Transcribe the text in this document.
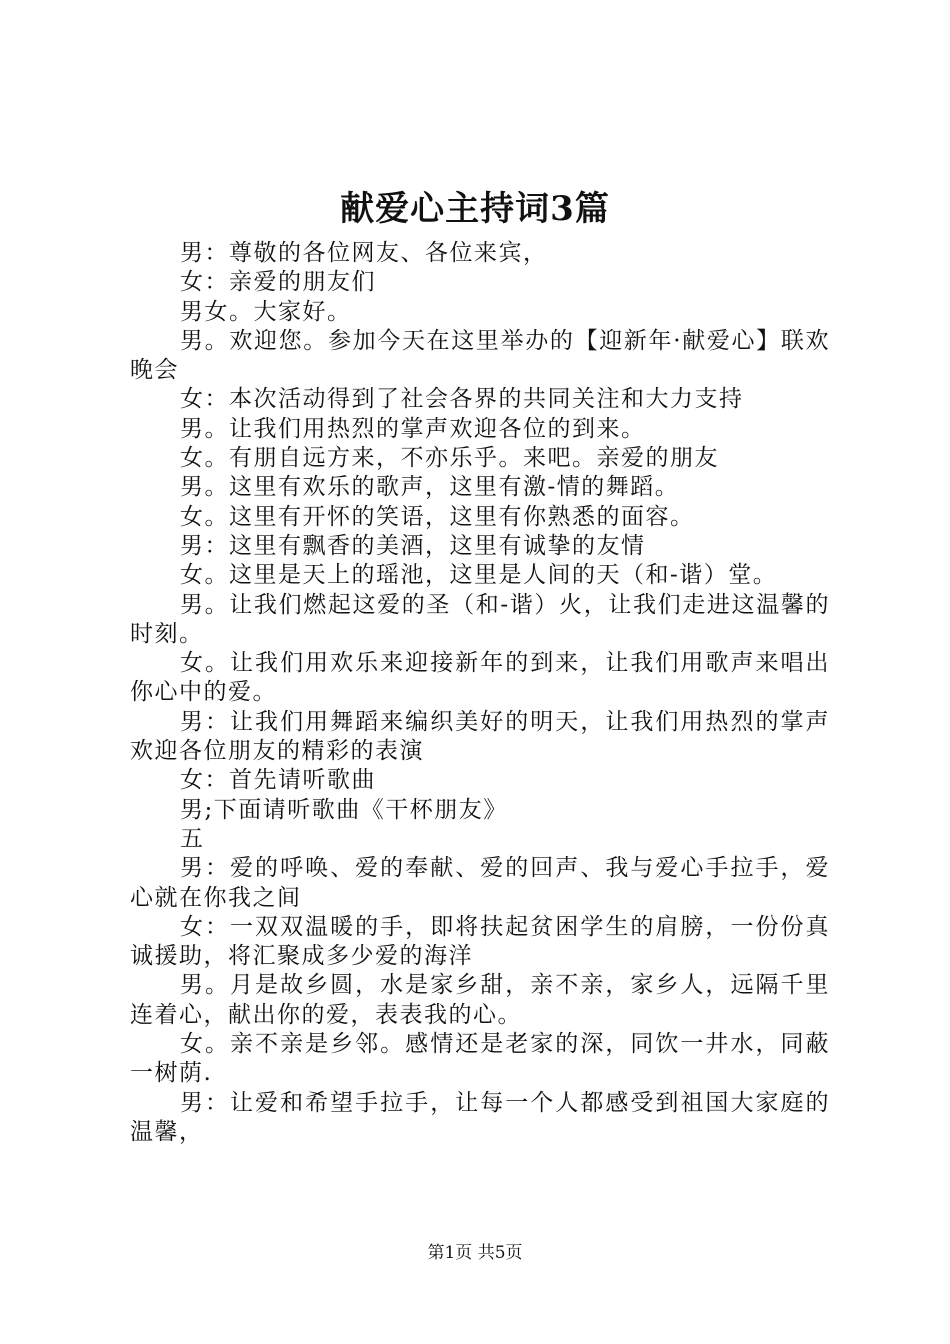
献爱心主持词3篇

男：尊敬的各位网友、各位来宾，

女：亲爱的朋友们

男女。大家好。

男。欢迎您。参加今天在这里举办的【迎新年·献爱心】联欢晚会

女：本次活动得到了社会各界的共同关注和大力支持

男。让我们用热烈的掌声欢迎各位的到来。

女。有朋自远方来，不亦乐乎。来吧。亲爱的朋友

男。这里有欢乐的歌声，这里有激-情的舞蹈。

女。这里有开怀的笑语，这里有你熟悉的面容。

男：这里有飘香的美酒，这里有诚挚的友情

女。这里是天上的瑶池，这里是人间的天（和-谐）堂。

男。让我们燃起这爱的圣（和-谐）火，让我们走进这温馨的时刻。

女。让我们用欢乐来迎接新年的到来，让我们用歌声来唱出你心中的爱。

男：让我们用舞蹈来编织美好的明天，让我们用热烈的掌声欢迎各位朋友的精彩的表演

女：首先请听歌曲

男;下面请听歌曲《干杯朋友》

五

男：爱的呼唤、爱的奉献、爱的回声、我与爱心手拉手，爱心就在你我之间

女：一双双温暖的手，即将扶起贫困学生的肩膀，一份份真诚援助，将汇聚成多少爱的海洋

男。月是故乡圆，水是家乡甜，亲不亲，家乡人，远隔千里连着心，献出你的爱，表表我的心。

女。亲不亲是乡邻。感情还是老家的深，同饮一井水，同蔽一树荫.

男：让爱和希望手拉手，让每一个人都感受到祖国大家庭的温馨，

第1页 共5页
